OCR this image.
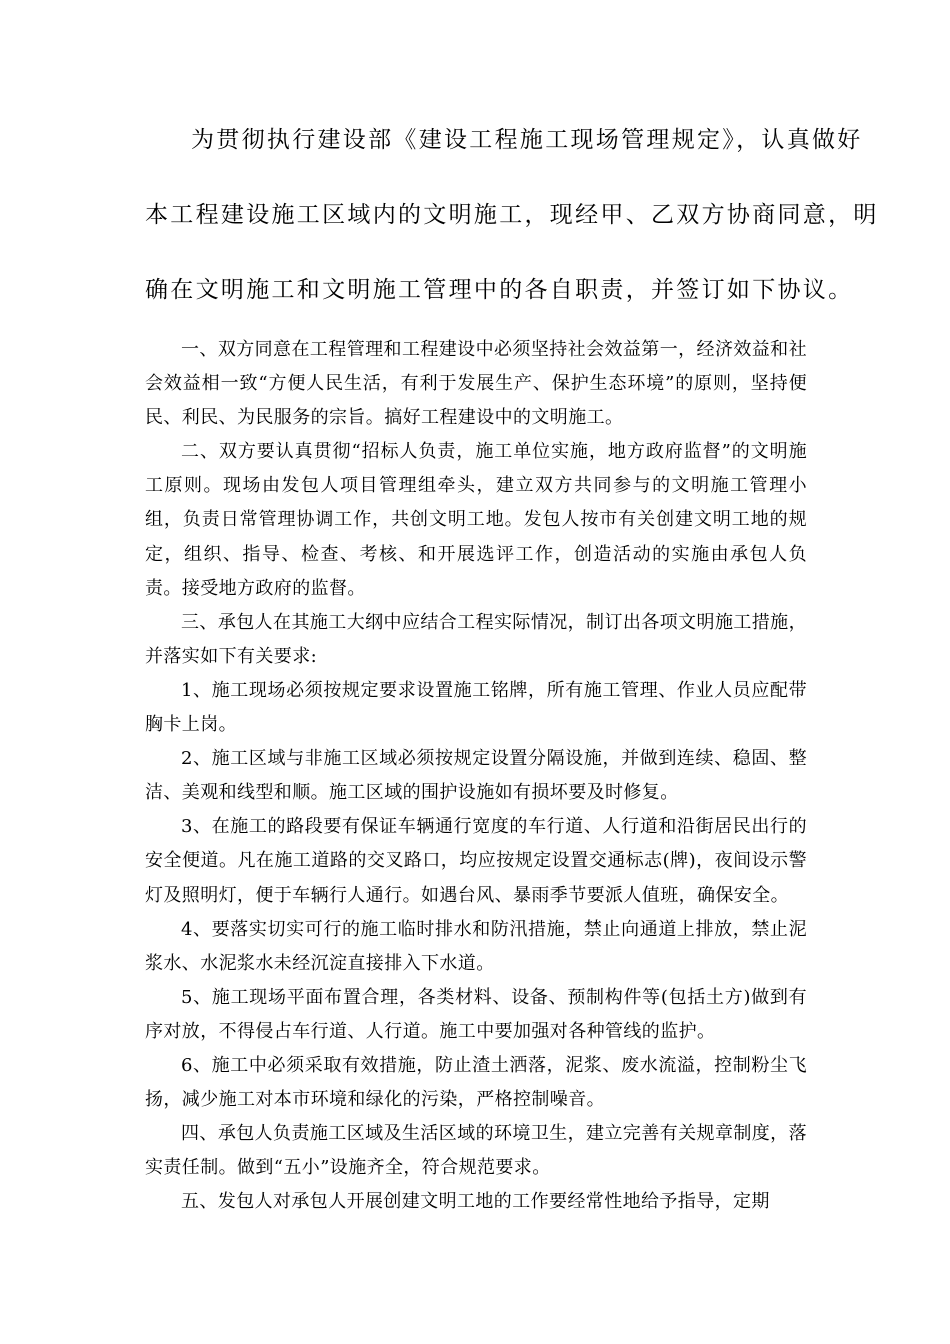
为贯彻执行建设部《建设工程施工现场管理规定》，认真做好

本工程建设施工区域内的文明施工，现经甲、乙双方协商同意，明

确在文明施工和文明施工管理中的各自职责，并签订如下协议。

一、双方同意在工程管理和工程建设中必须坚持社会效益第一，经济效益和社会效益相一致“方便人民生活，有利于发展生产、保护生态环境”的原则，坚持便民、利民、为民服务的宗旨。搞好工程建设中的文明施工。

二、双方要认真贯彻“招标人负责，施工单位实施，地方政府监督”的文明施工原则。现场由发包人项目管理组牵头，建立双方共同参与的文明施工管理小组，负责日常管理协调工作，共创文明工地。发包人按市有关创建文明工地的规定，组织、指导、检查、考核、和开展选评工作，创造活动的实施由承包人负责。接受地方政府的监督。

三、承包人在其施工大纲中应结合工程实际情况，制订出各项文明施工措施，并落实如下有关要求:

1、施工现场必须按规定要求设置施工铭牌，所有施工管理、作业人员应配带胸卡上岗。

2、施工区域与非施工区域必须按规定设置分隔设施，并做到连续、稳固、整洁、美观和线型和顺。施工区域的围护设施如有损坏要及时修复。

3、在施工的路段要有保证车辆通行宽度的车行道、人行道和沿街居民出行的安全便道。凡在施工道路的交叉路口，均应按规定设置交通标志(牌)，夜间设示警灯及照明灯，便于车辆行人通行。如遇台风、暴雨季节要派人值班，确保安全。

4、要落实切实可行的施工临时排水和防汛措施，禁止向通道上排放，禁止泥浆水、水泥浆水未经沉淀直接排入下水道。

5、施工现场平面布置合理，各类材料、设备、预制构件等(包括土方)做到有序对放，不得侵占车行道、人行道。施工中要加强对各种管线的监护。

6、施工中必须采取有效措施，防止渣土洒落，泥浆、废水流溢，控制粉尘飞扬，减少施工对本市环境和绿化的污染，严格控制噪音。

四、承包人负责施工区域及生活区域的环境卫生，建立完善有关规章制度，落实责任制。做到“五小”设施齐全，符合规范要求。

五、发包人对承包人开展创建文明工地的工作要经常性地给予指导，定期
